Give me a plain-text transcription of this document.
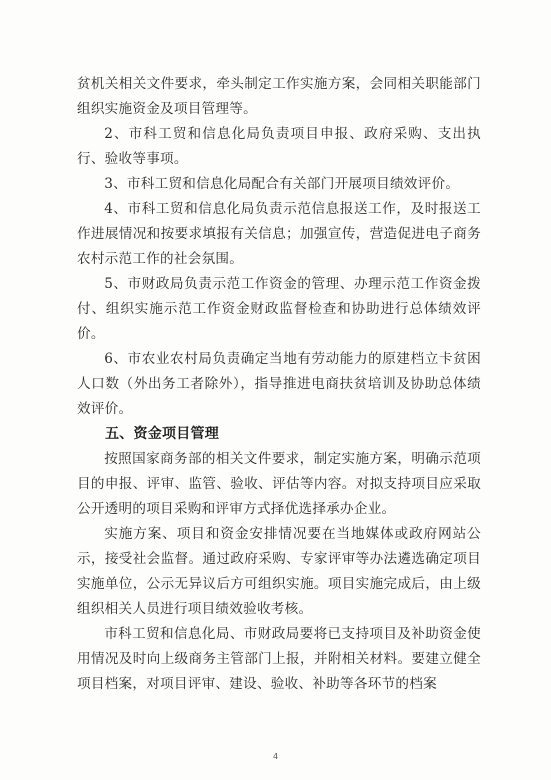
贫机关相关文件要求，牵头制定工作实施方案，会同相关职能部门组织实施资金及项目管理等。

2、市科工贸和信息化局负责项目申报、政府采购、支出执行、验收等事项。

3、市科工贸和信息化局配合有关部门开展项目绩效评价。

4、市科工贸和信息化局负责示范信息报送工作，及时报送工作进展情况和按要求填报有关信息；加强宣传，营造促进电子商务农村示范工作的社会氛围。

5、市财政局负责示范工作资金的管理、办理示范工作资金拨付、组织实施示范工作资金财政监督检查和协助进行总体绩效评价。

6、市农业农村局负责确定当地有劳动能力的原建档立卡贫困人口数（外出务工者除外），指导推进电商扶贫培训及协助总体绩效评价。

五、资金项目管理

按照国家商务部的相关文件要求，制定实施方案，明确示范项目的申报、评审、监管、验收、评估等内容。对拟支持项目应采取公开透明的项目采购和评审方式择优选择承办企业。

实施方案、项目和资金安排情况要在当地媒体或政府网站公示，接受社会监督。通过政府采购、专家评审等办法遴选确定项目实施单位，公示无异议后方可组织实施。项目实施完成后，由上级组织相关人员进行项目绩效验收考核。

市科工贸和信息化局、市财政局要将已支持项目及补助资金使用情况及时向上级商务主管部门上报，并附相关材料。要建立健全项目档案，对项目评审、建设、验收、补助等各环节的档案

4
